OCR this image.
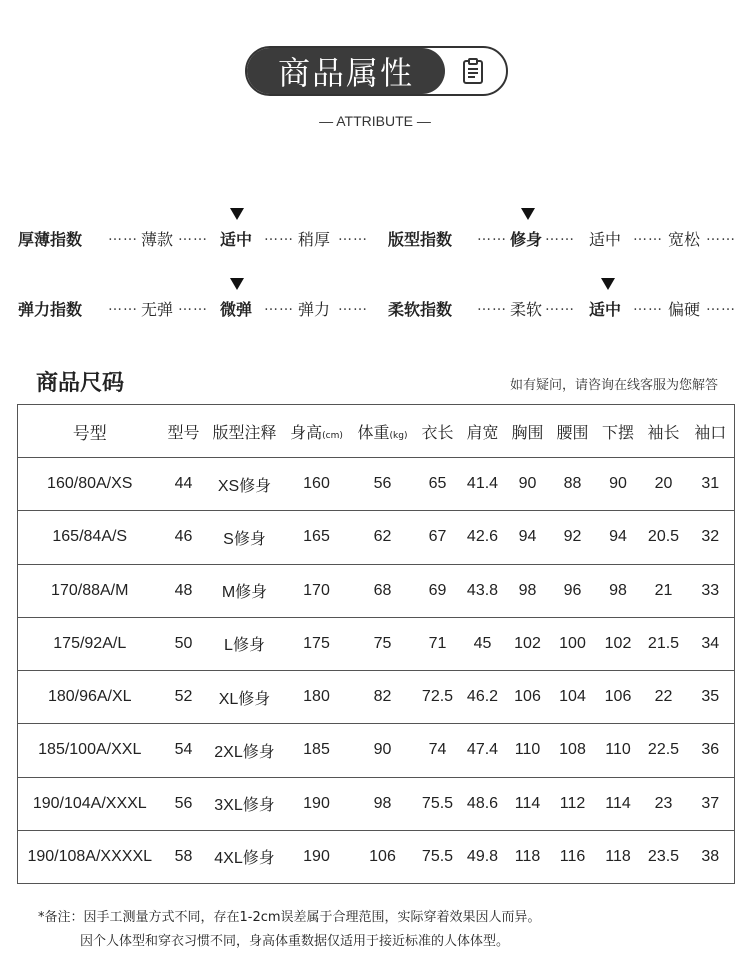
商品属性
— ATTRIBUTE —
厚薄指数 …… 薄款 …… 适中 …… 稍厚 …… 版型指数 …… 修身 …… 适中 …… 宽松 ……
弹力指数 …… 无弹 …… 微弹 …… 弹力 …… 柔软指数 …… 柔软 …… 适中 …… 偏硬 ……
商品尺码	如有疑问，请咨询在线客服为您解答
号型	型号	版型注释	身高(cm)	体重(kg)	衣长	肩宽	胸围	腰围	下摆	袖长	袖口
160/80A/XS	44	XS修身	160	56	65	41.4	90	88	90	20	31
165/84A/S	46	S修身	165	62	67	42.6	94	92	94	20.5	32
170/88A/M	48	M修身	170	68	69	43.8	98	96	98	21	33
175/92A/L	50	L修身	175	75	71	45	102	100	102	21.5	34
180/96A/XL	52	XL修身	180	82	72.5	46.2	106	104	106	22	35
185/100A/XXL	54	2XL修身	185	90	74	47.4	110	108	110	22.5	36
190/104A/XXXL	56	3XL修身	190	98	75.5	48.6	114	112	114	23	37
190/108A/XXXXL	58	4XL修身	190	106	75.5	49.8	118	116	118	23.5	38
*备注：因手工测量方式不同，存在1-2cm误差属于合理范围，实际穿着效果因人而异。
因个人体型和穿衣习惯不同，身高体重数据仅适用于接近标准的人体体型。
